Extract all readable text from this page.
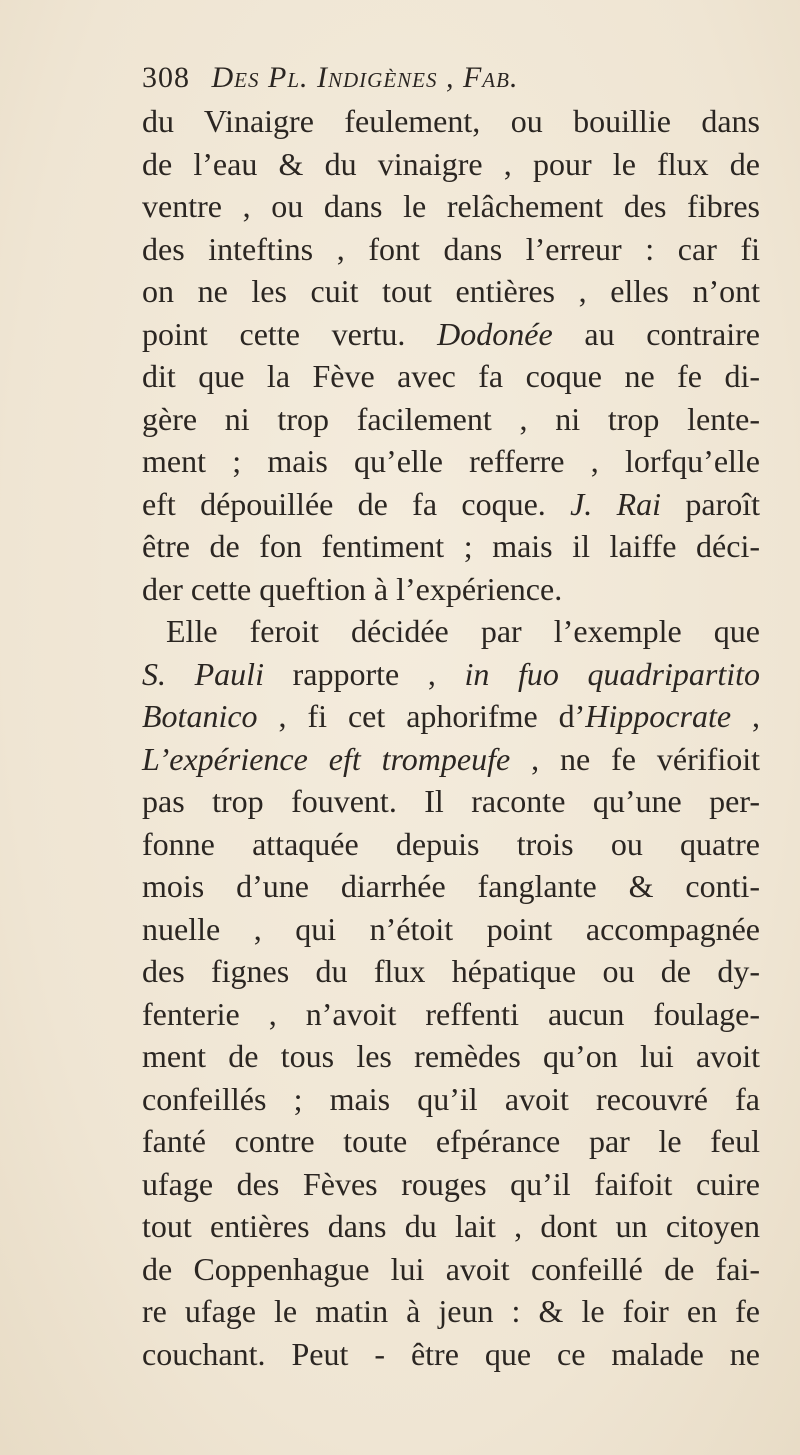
308 Des Pl. Indigènes , Fab.
du Vinaigre feulement, ou bouillie dans
de l’eau & du vinaigre , pour le flux de
ventre , ou dans le relâchement des fibres
des inteftins , font dans l’erreur : car fi
on ne les cuit tout entières , elles n’ont
point cette vertu. Dodonée au contraire
dit que la Fève avec fa coque ne fe di-
gère ni trop facilement , ni trop lente-
ment ; mais qu’elle refferre , lorfqu’elle
eft dépouillée de fa coque. J. Rai paroît
être de fon fentiment ; mais il laiffe déci-
der cette queftion à l’expérience.
Elle feroit décidée par l’exemple que
S. Pauli rapporte , in fuo quadripartito
Botanico , fi cet aphorifme d’Hippocrate ,
L’expérience eft trompeufe , ne fe vérifioit
pas trop fouvent. Il raconte qu’une per-
fonne attaquée depuis trois ou quatre
mois d’une diarrhée fanglante & conti-
nuelle , qui n’étoit point accompagnée
des fignes du flux hépatique ou de dy-
fenterie , n’avoit reffenti aucun foulage-
ment de tous les remèdes qu’on lui avoit
confeillés ; mais qu’il avoit recouvré fa
fanté contre toute efpérance par le feul
ufage des Fèves rouges qu’il faifoit cuire
tout entières dans du lait , dont un citoyen
de Coppenhague lui avoit confeillé de fai-
re ufage le matin à jeun : & le foir en fe
couchant. Peut - être que ce malade ne
